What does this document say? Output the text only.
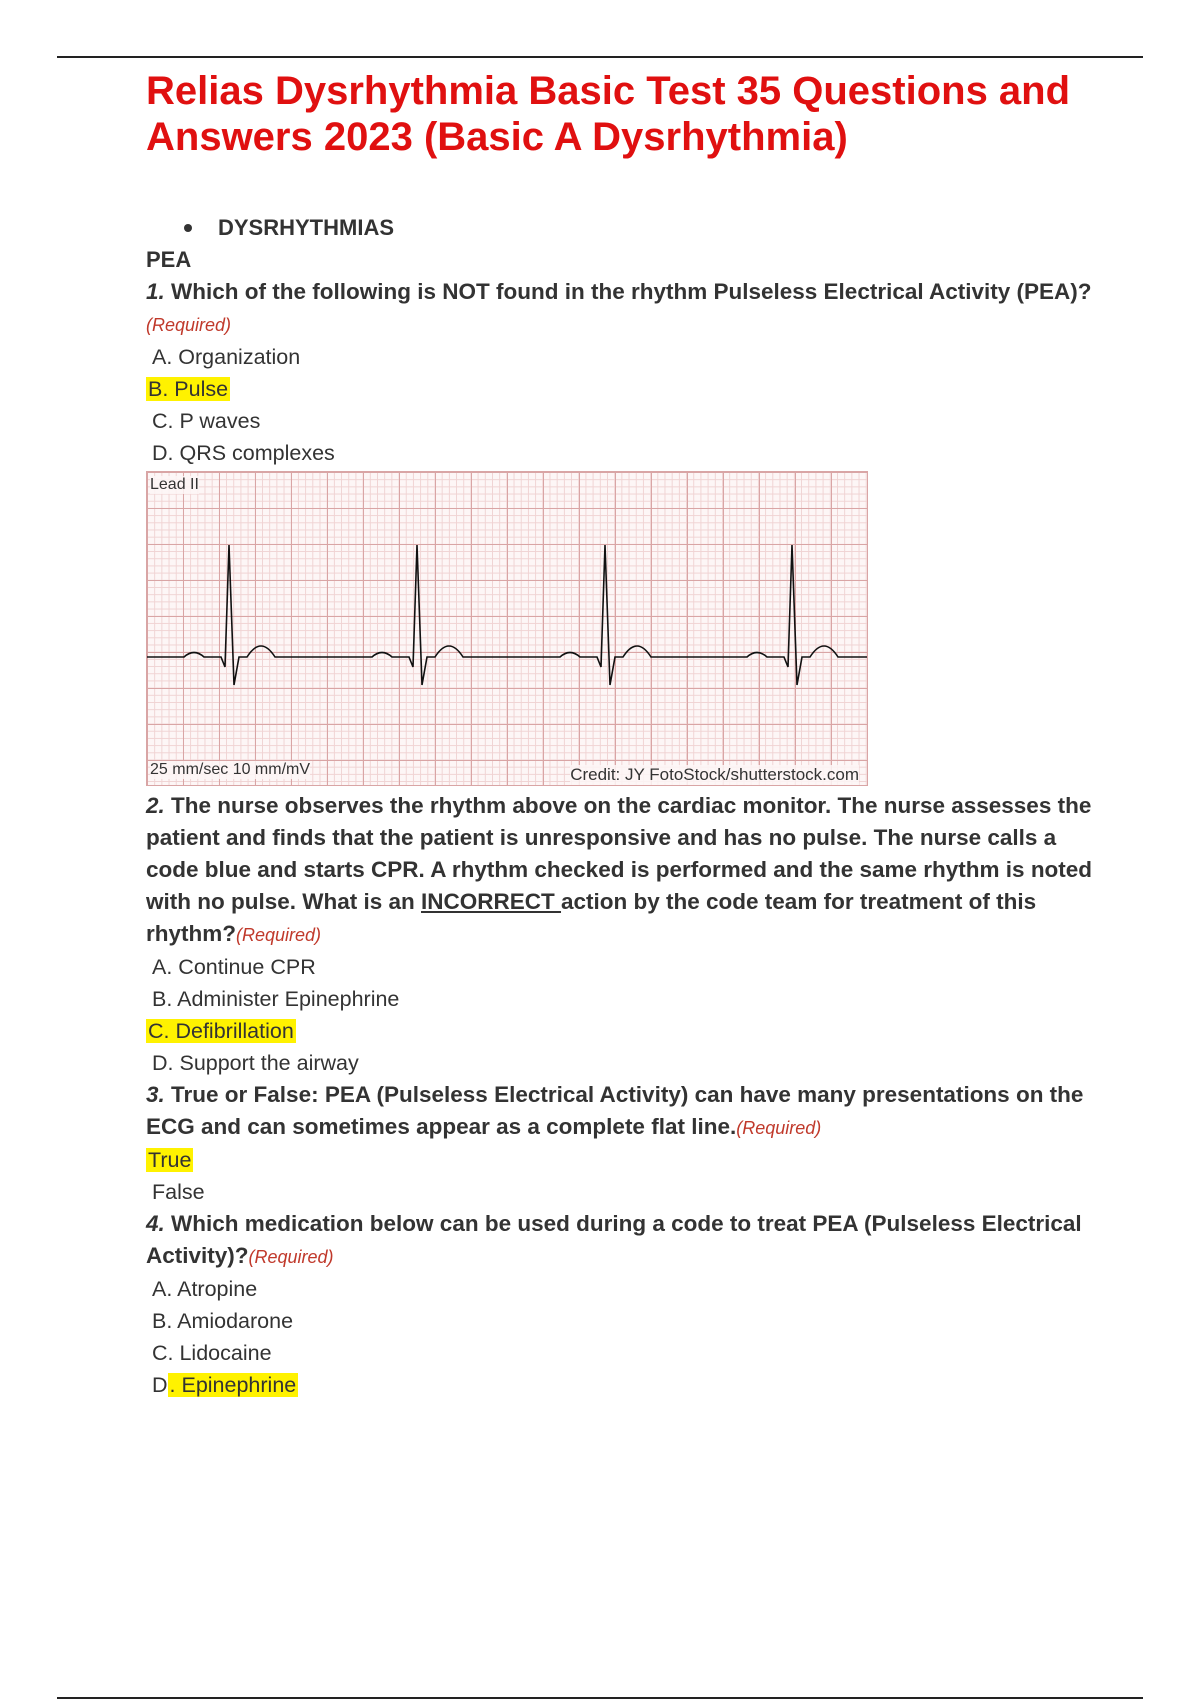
Relias Dysrhythmia Basic Test 35 Questions and Answers 2023 (Basic A Dysrhythmia)
DYSRHYTHMIAS
PEA
1. Which of the following is NOT found in the rhythm Pulseless Electrical Activity (PEA)?(Required)
A. Organization
B. Pulse
C. P waves
D. QRS complexes
Lead II
25 mm/sec 10 mm/mV	Credit: JY FotoStock/shutterstock.com
2. The nurse observes the rhythm above on the cardiac monitor. The nurse assesses the patient and finds that the patient is unresponsive and has no pulse. The nurse calls a code blue and starts CPR. A rhythm checked is performed and the same rhythm is noted with no pulse. What is an INCORRECT action by the code team for treatment of this rhythm?(Required)
A. Continue CPR
B. Administer Epinephrine
C. Defibrillation
D. Support the airway
3. True or False: PEA (Pulseless Electrical Activity) can have many presentations on the ECG and can sometimes appear as a complete flat line.(Required)
True
False
4. Which medication below can be used during a code to treat PEA (Pulseless Electrical Activity)?(Required)
A. Atropine
B. Amiodarone
C. Lidocaine
D. Epinephrine
